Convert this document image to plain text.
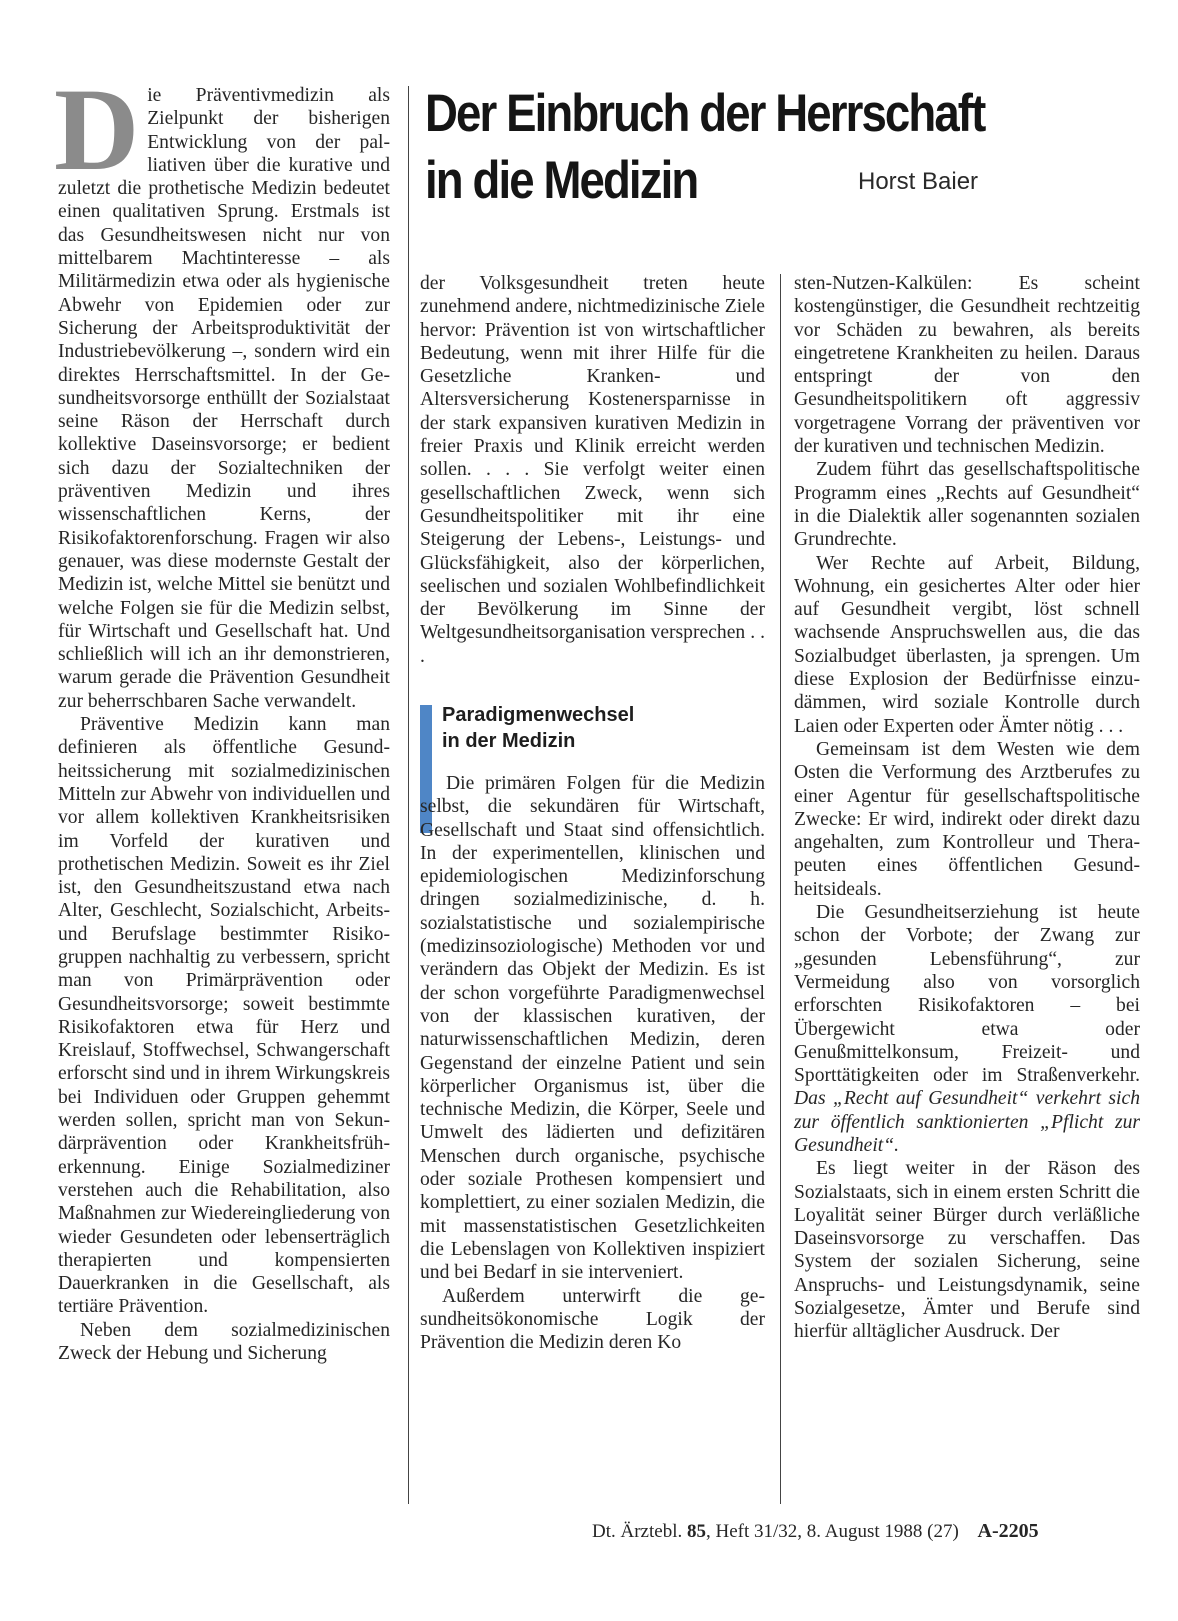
Der Einbruch der Herrschaft
in die Medizin	Horst Baier

Die Präventivmedizin als Zielpunkt der bisherigen Entwicklung von der palliativen über die kurative und zuletzt die prothetische Medizin bedeutet einen qualitativen Sprung. Erstmals ist das Gesundheitswesen nicht nur von mittelbarem Machtinteresse – als Militärmedizin etwa oder als hygienische Abwehr von Epidemien oder zur Sicherung der Arbeitsproduktivität der Industriebevölkerung –, sondern wird ein direktes Herrschaftsmittel. In der Gesundheitsvorsorge enthüllt der Sozialstaat seine Räson der Herrschaft durch kollektive Daseinsvorsorge; er bedient sich dazu der Sozialtechniken der präventiven Medizin und ihres wissenschaftlichen Kerns, der Risikofaktorenforschung. Fragen wir also genauer, was diese modernste Gestalt der Medizin ist, welche Mittel sie benützt und welche Folgen sie für die Medizin selbst, für Wirtschaft und Gesellschaft hat. Und schließlich will ich an ihr demonstrieren, warum gerade die Prävention Gesundheit zur beherrschbaren Sache verwandelt.

Präventive Medizin kann man definieren als öffentliche Gesundheitssicherung mit sozialmedizinischen Mitteln zur Abwehr von individuellen und vor allem kollektiven Krankheitsrisiken im Vorfeld der kurativen und prothetischen Medizin. Soweit es ihr Ziel ist, den Gesundheitszustand etwa nach Alter, Geschlecht, Sozialschicht, Arbeits- und Berufslage bestimmter Risikogruppen nachhaltig zu verbessern, spricht man von Primärprävention oder Gesundheitsvorsorge; soweit bestimmte Risikofaktoren etwa für Herz und Kreislauf, Stoffwechsel, Schwangerschaft erforscht sind und in ihrem Wirkungskreis bei Individuen oder Gruppen gehemmt werden sollen, spricht man von Sekundärprävention oder Krankheitsfrüherkennung. Einige Sozialmediziner verstehen auch die Rehabilitation, also Maßnahmen zur Wiedereingliederung von wieder Gesundeten oder lebenserträglich therapierten und kompensierten Dauerkranken in die Gesellschaft, als tertiäre Prävention.

Neben dem sozialmedizinischen Zweck der Hebung und Sicherung

der Volksgesundheit treten heute zunehmend andere, nichtmedizinische Ziele hervor: Prävention ist von wirtschaftlicher Bedeutung, wenn mit ihrer Hilfe für die Gesetzliche Kranken- und Altersversicherung Kostenersparnisse in der stark expansiven kurativen Medizin in freier Praxis und Klinik erreicht werden sollen. . . . Sie verfolgt weiter einen gesellschaftlichen Zweck, wenn sich Gesundheitspolitiker mit ihr eine Steigerung der Lebens-, Leistungs- und Glücksfähigkeit, also der körperlichen, seelischen und sozialen Wohlbefindlichkeit der Bevölkerung im Sinne der Weltgesundheitsorganisation versprechen . . .

Paradigmenwechsel
in der Medizin

Die primären Folgen für die Medizin selbst, die sekundären für Wirtschaft, Gesellschaft und Staat sind offensichtlich. In der experimentellen, klinischen und epidemiologischen Medizinforschung dringen sozialmedizinische, d. h. sozialstatistische und sozialempirische (medizinsoziologische) Methoden vor und verändern das Objekt der Medizin. Es ist der schon vorgeführte Paradigmenwechsel von der klassischen kurativen, der naturwissenschaftlichen Medizin, deren Gegenstand der einzelne Patient und sein körperlicher Organismus ist, über die technische Medizin, die Körper, Seele und Umwelt des lädierten und defizitären Menschen durch organische, psychische oder soziale Prothesen kompensiert und komplettiert, zu einer sozialen Medizin, die mit massenstatistischen Gesetzlichkeiten die Lebenslagen von Kollektiven inspiziert und bei Bedarf in sie interveniert.

Außerdem unterwirft die gesundheitsökonomische Logik der Prävention die Medizin deren Ko

sten-Nutzen-Kalkülen: Es scheint kostengünstiger, die Gesundheit rechtzeitig vor Schäden zu bewahren, als bereits eingetretene Krankheiten zu heilen. Daraus entspringt der von den Gesundheitspolitikern oft aggressiv vorgetragene Vorrang der präventiven vor der kurativen und technischen Medizin.

Zudem führt das gesellschaftspolitische Programm eines „Rechts auf Gesundheit“ in die Dialektik aller sogenannten sozialen Grundrechte.

Wer Rechte auf Arbeit, Bildung, Wohnung, ein gesichertes Alter oder hier auf Gesundheit vergibt, löst schnell wachsende Anspruchswellen aus, die das Sozialbudget überlasten, ja sprengen. Um diese Explosion der Bedürfnisse einzudämmen, wird soziale Kontrolle durch Laien oder Experten oder Ämter nötig . . .

Gemeinsam ist dem Westen wie dem Osten die Verformung des Arztberufes zu einer Agentur für gesellschaftspolitische Zwecke: Er wird, indirekt oder direkt dazu angehalten, zum Kontrolleur und Therapeuten eines öffentlichen Gesundheitsideals.

Die Gesundheitserziehung ist heute schon der Vorbote; der Zwang zur „gesunden Lebensführung“, zur Vermeidung also von vorsorglich erforschten Risikofaktoren – bei Übergewicht etwa oder Genußmittelkonsum, Freizeit- und Sporttätigkeiten oder im Straßenverkehr. Das „Recht auf Gesundheit“ verkehrt sich zur öffentlich sanktionierten „Pflicht zur Gesundheit“.

Es liegt weiter in der Räson des Sozialstaats, sich in einem ersten Schritt die Loyalität seiner Bürger durch verläßliche Daseinsvorsorge zu verschaffen. Das System der sozialen Sicherung, seine Anspruchs- und Leistungsdynamik, seine Sozialgesetze, Ämter und Berufe sind hierfür alltäglicher Ausdruck. Der

Dt. Ärztebl. 85, Heft 31/32, 8. August 1988 (27) A-2205
